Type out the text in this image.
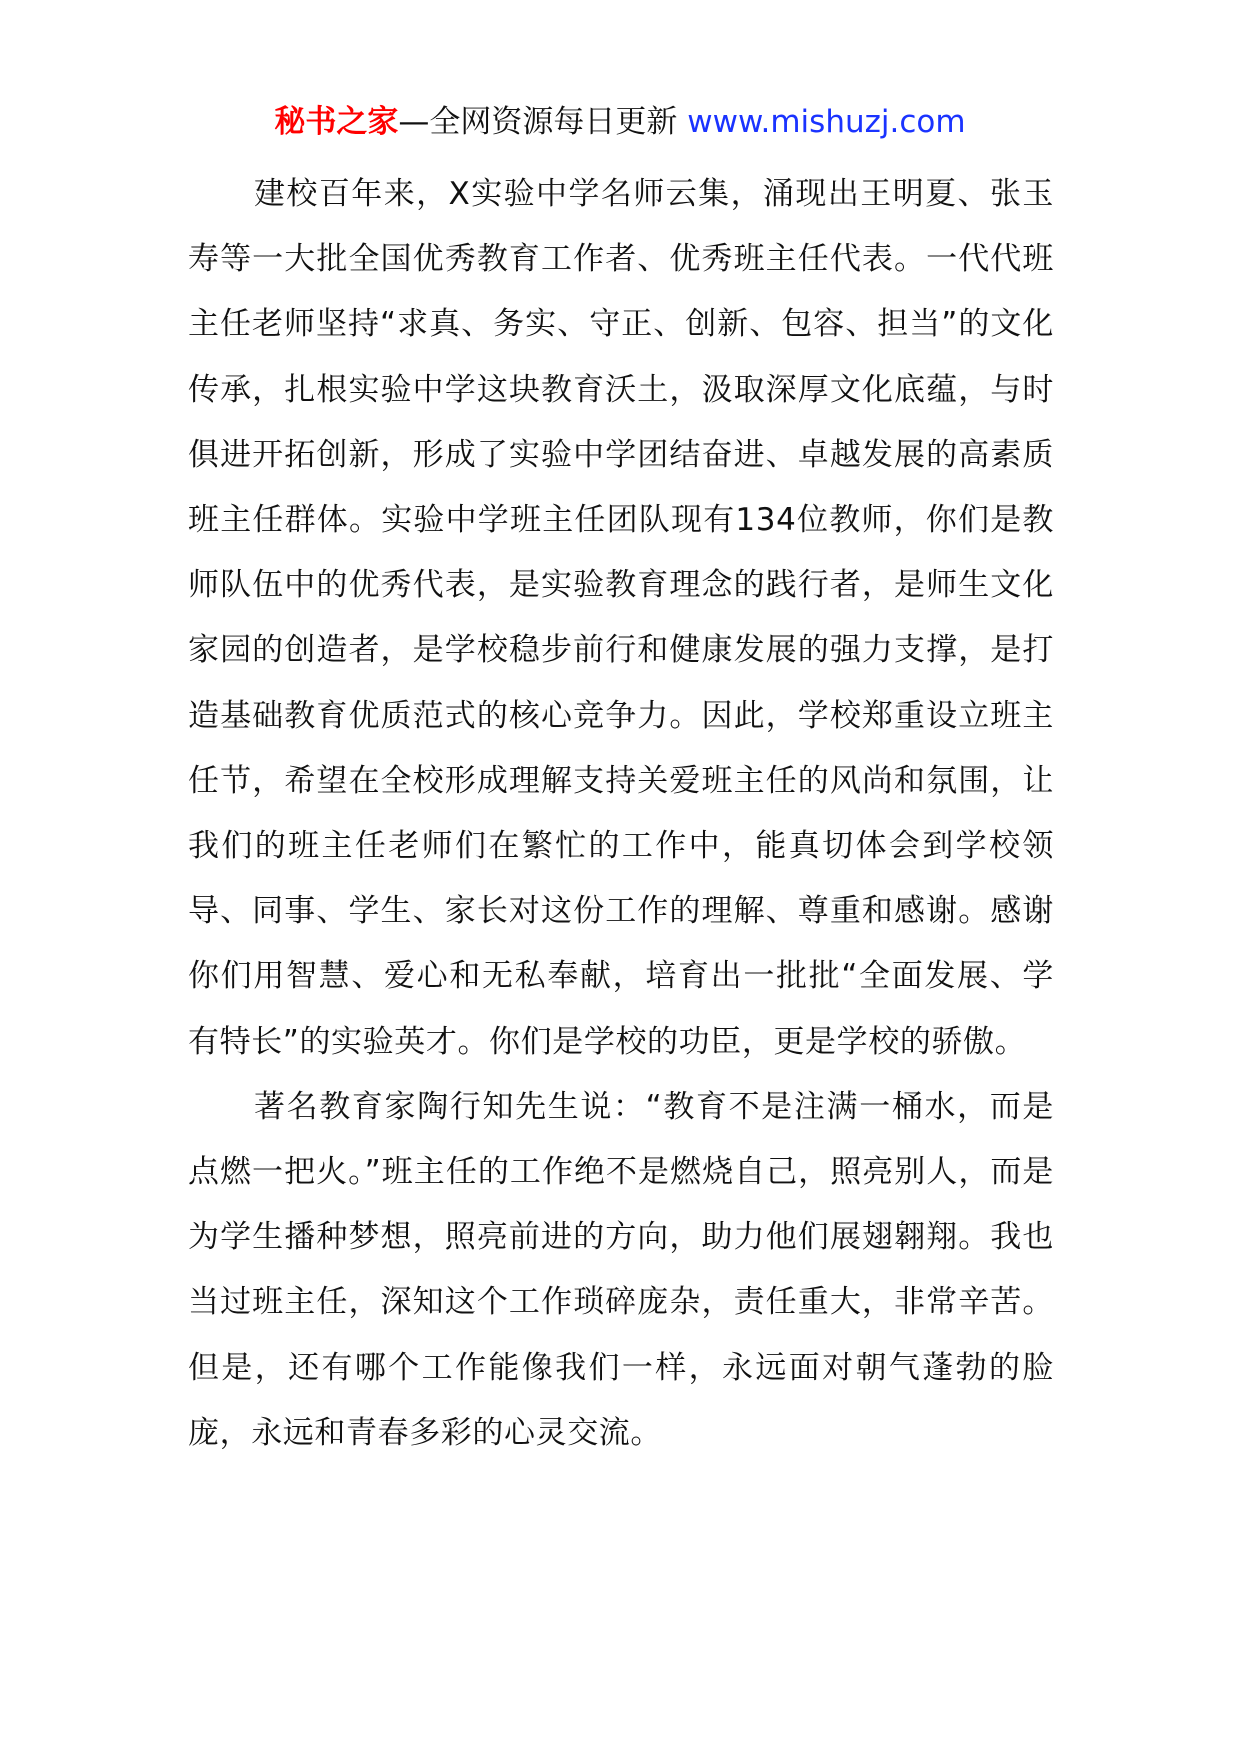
秘书之家—全网资源每日更新 www.mishuzj.com

建校百年来，X实验中学名师云集，涌现出王明夏、张玉寿等一大批全国优秀教育工作者、优秀班主任代表。一代代班主任老师坚持“求真、务实、守正、创新、包容、担当”的文化传承，扎根实验中学这块教育沃土，汲取深厚文化底蕴，与时俱进开拓创新，形成了实验中学团结奋进、卓越发展的高素质班主任群体。实验中学班主任团队现有134位教师，你们是教师队伍中的优秀代表，是实验教育理念的践行者，是师生文化家园的创造者，是学校稳步前行和健康发展的强力支撑，是打造基础教育优质范式的核心竞争力。因此，学校郑重设立班主任节，希望在全校形成理解支持关爱班主任的风尚和氛围，让我们的班主任老师们在繁忙的工作中，能真切体会到学校领导、同事、学生、家长对这份工作的理解、尊重和感谢。感谢你们用智慧、爱心和无私奉献，培育出一批批“全面发展、学有特长”的实验英才。你们是学校的功臣，更是学校的骄傲。

著名教育家陶行知先生说：“教育不是注满一桶水，而是点燃一把火。”班主任的工作绝不是燃烧自己，照亮别人，而是为学生播种梦想，照亮前进的方向，助力他们展翅翱翔。我也当过班主任，深知这个工作琐碎庞杂，责任重大，非常辛苦。但是，还有哪个工作能像我们一样，永远面对朝气蓬勃的脸庞，永远和青春多彩的心灵交流。
